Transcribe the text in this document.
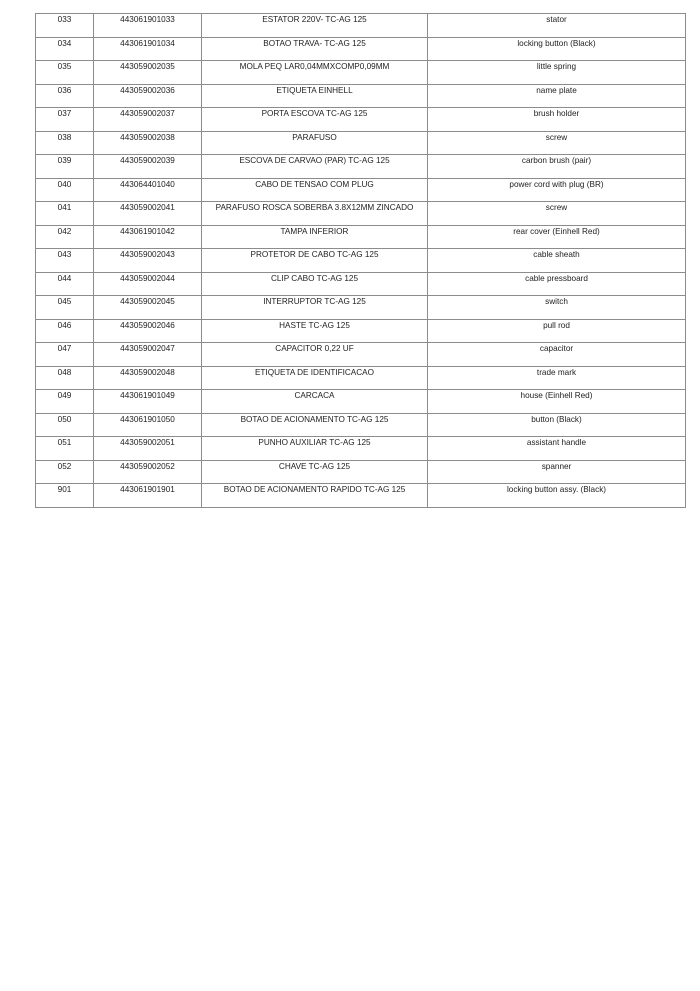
033	443061901033	ESTATOR 220V- TC-AG 125	stator
034	443061901034	BOTAO TRAVA- TC-AG 125	locking button (Black)
035	443059002035	MOLA PEQ LAR0,04MMXCOMP0,09MM	little spring
036	443059002036	ETIQUETA EINHELL	name plate
037	443059002037	PORTA ESCOVA TC-AG 125	brush holder
038	443059002038	PARAFUSO	screw
039	443059002039	ESCOVA DE CARVAO (PAR) TC-AG 125	carbon brush (pair)
040	443064401040	CABO DE TENSAO COM PLUG	power cord with plug (BR)
041	443059002041	PARAFUSO ROSCA SOBERBA 3.8X12MM ZINCADO	screw
042	443061901042	TAMPA INFERIOR	rear cover (Einhell Red)
043	443059002043	PROTETOR DE CABO TC-AG 125	cable sheath
044	443059002044	CLIP CABO TC-AG 125	cable pressboard
045	443059002045	INTERRUPTOR TC-AG 125	switch
046	443059002046	HASTE TC-AG 125	pull rod
047	443059002047	CAPACITOR 0,22 UF	capacitor
048	443059002048	ETIQUETA DE IDENTIFICACAO	trade mark
049	443061901049	CARCACA	house (Einhell Red)
050	443061901050	BOTAO DE ACIONAMENTO TC-AG 125	button (Black)
051	443059002051	PUNHO AUXILIAR TC-AG 125	assistant handle
052	443059002052	CHAVE TC-AG 125	spanner
901	443061901901	BOTAO DE ACIONAMENTO RAPIDO TC-AG 125	locking button assy. (Black)
